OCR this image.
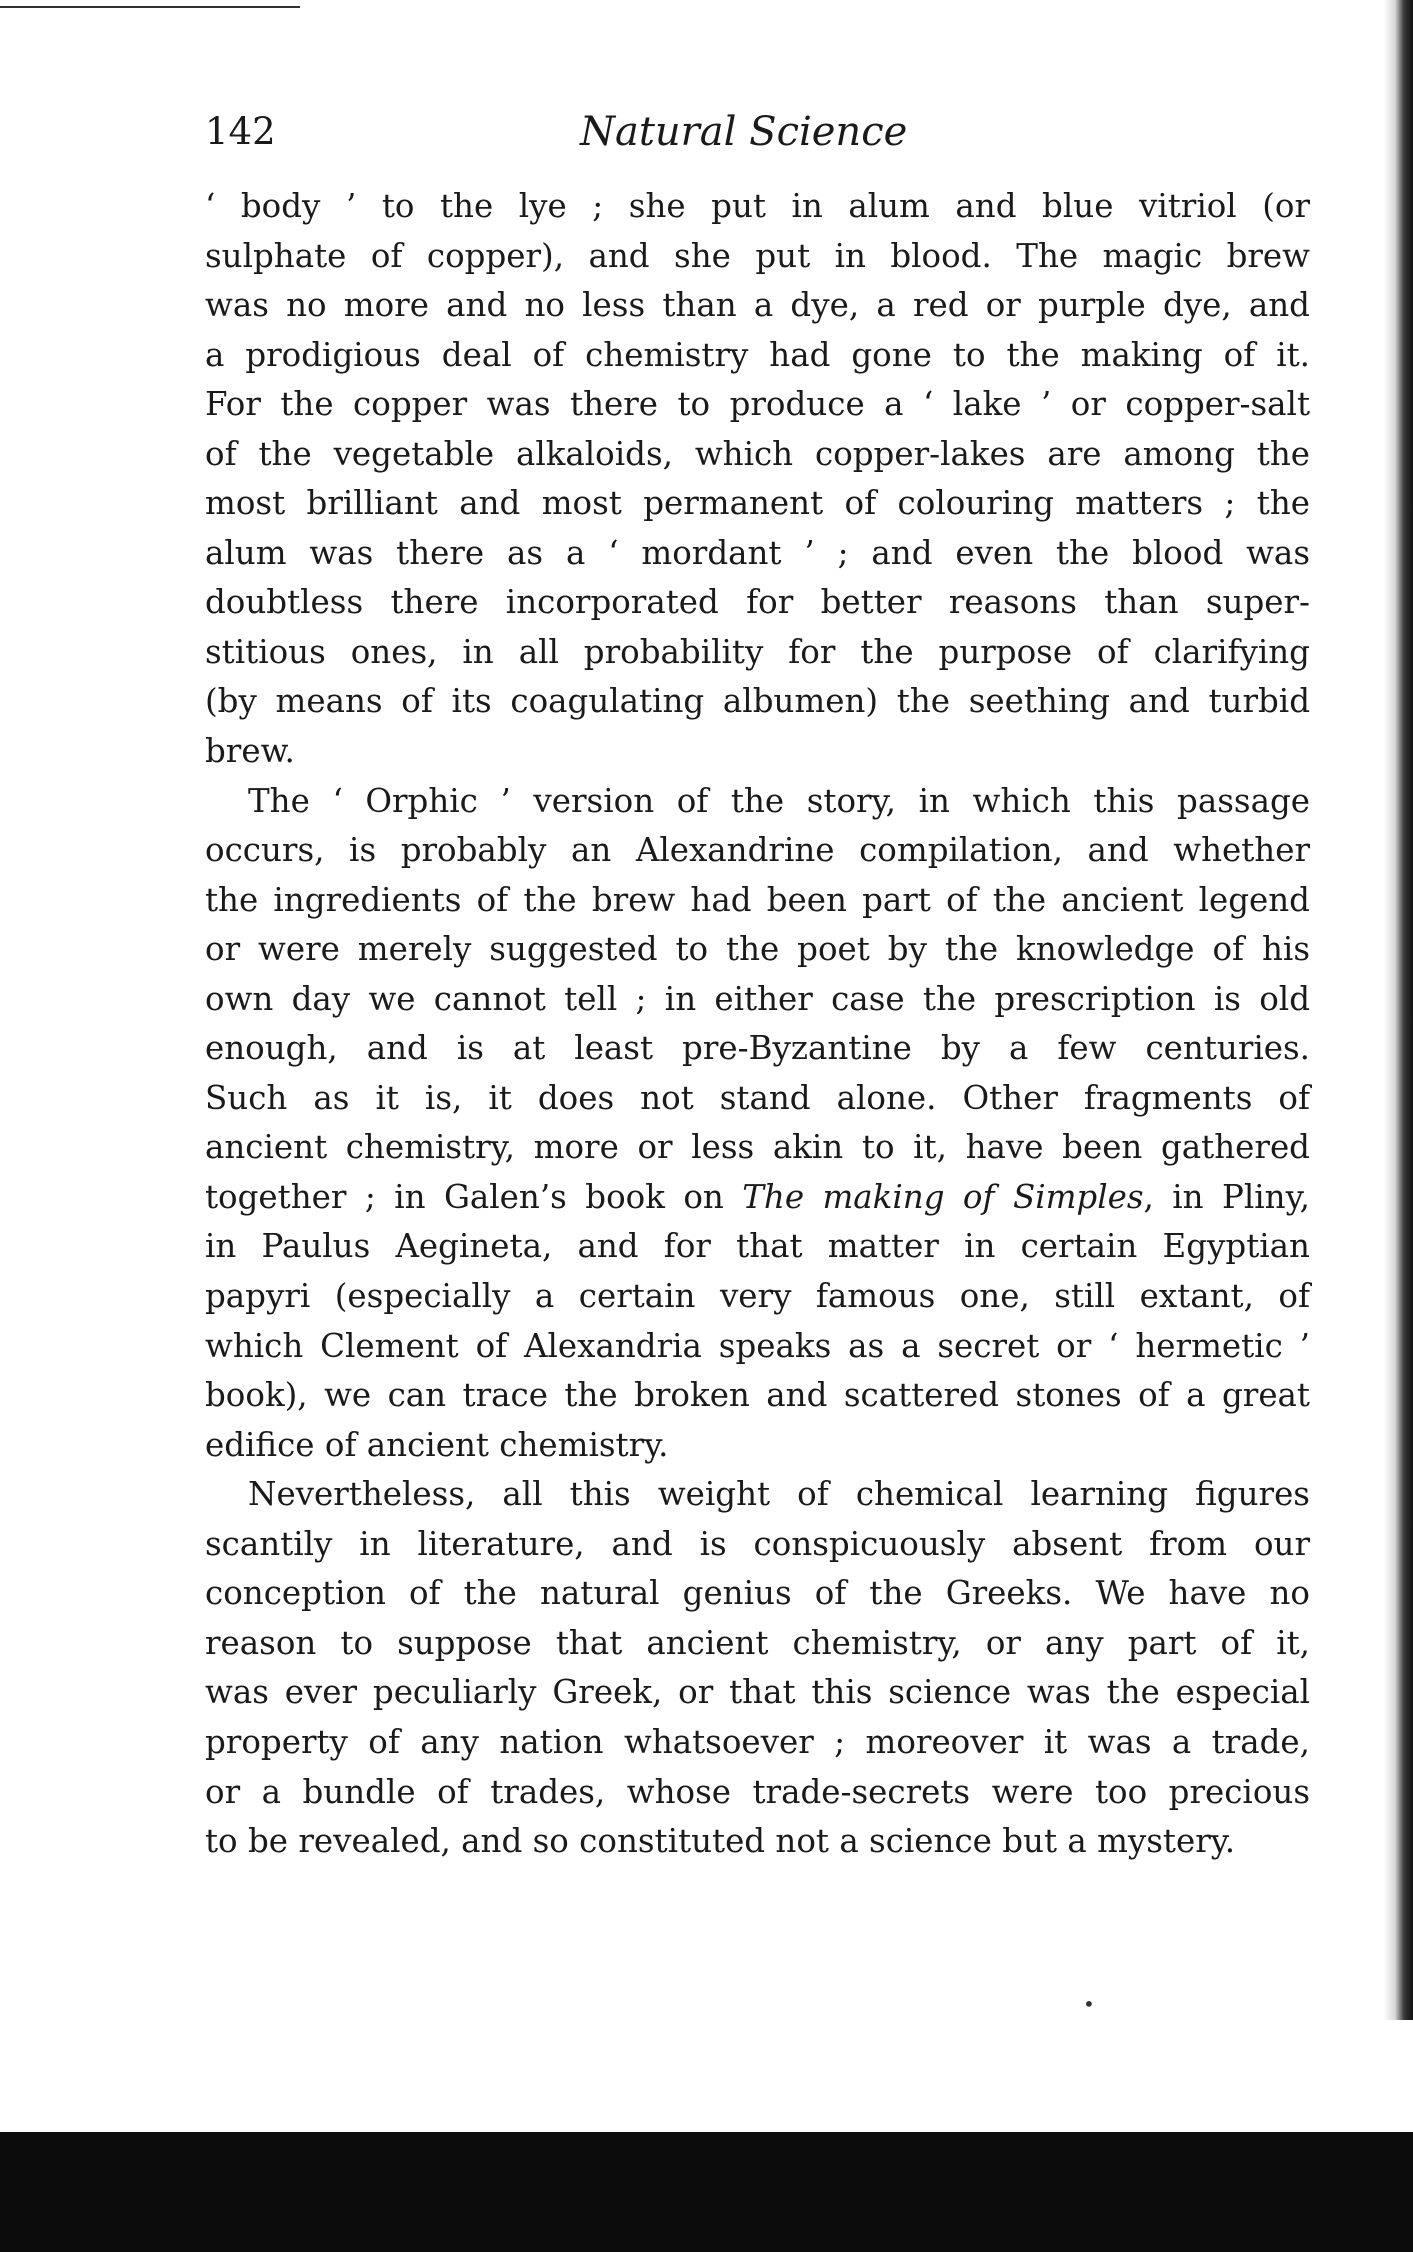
142	Natural Science
‘ body ’ to the lye ; she put in alum and blue vitriol (or
sulphate of copper), and she put in blood. The magic brew
was no more and no less than a dye, a red or purple dye, and
a prodigious deal of chemistry had gone to the making of it.
For the copper was there to produce a ‘ lake ’ or copper-salt
of the vegetable alkaloids, which copper-lakes are among the
most brilliant and most permanent of colouring matters ; the
alum was there as a ‘ mordant ’ ; and even the blood was
doubtless there incorporated for better reasons than super-
stitious ones, in all probability for the purpose of clarifying
(by means of its coagulating albumen) the seething and turbid
brew.
The ‘ Orphic ’ version of the story, in which this passage
occurs, is probably an Alexandrine compilation, and whether
the ingredients of the brew had been part of the ancient legend
or were merely suggested to the poet by the knowledge of his
own day we cannot tell ; in either case the prescription is old
enough, and is at least pre-Byzantine by a few centuries.
Such as it is, it does not stand alone. Other fragments of
ancient chemistry, more or less akin to it, have been gathered
together ; in Galen’s book on The making of Simples, in Pliny,
in Paulus Aegineta, and for that matter in certain Egyptian
papyri (especially a certain very famous one, still extant, of
which Clement of Alexandria speaks as a secret or ‘ hermetic ’
book), we can trace the broken and scattered stones of a great
edifice of ancient chemistry.
Nevertheless, all this weight of chemical learning figures
scantily in literature, and is conspicuously absent from our
conception of the natural genius of the Greeks. We have no
reason to suppose that ancient chemistry, or any part of it,
was ever peculiarly Greek, or that this science was the especial
property of any nation whatsoever ; moreover it was a trade,
or a bundle of trades, whose trade-secrets were too precious
to be revealed, and so constituted not a science but a mystery.
•
